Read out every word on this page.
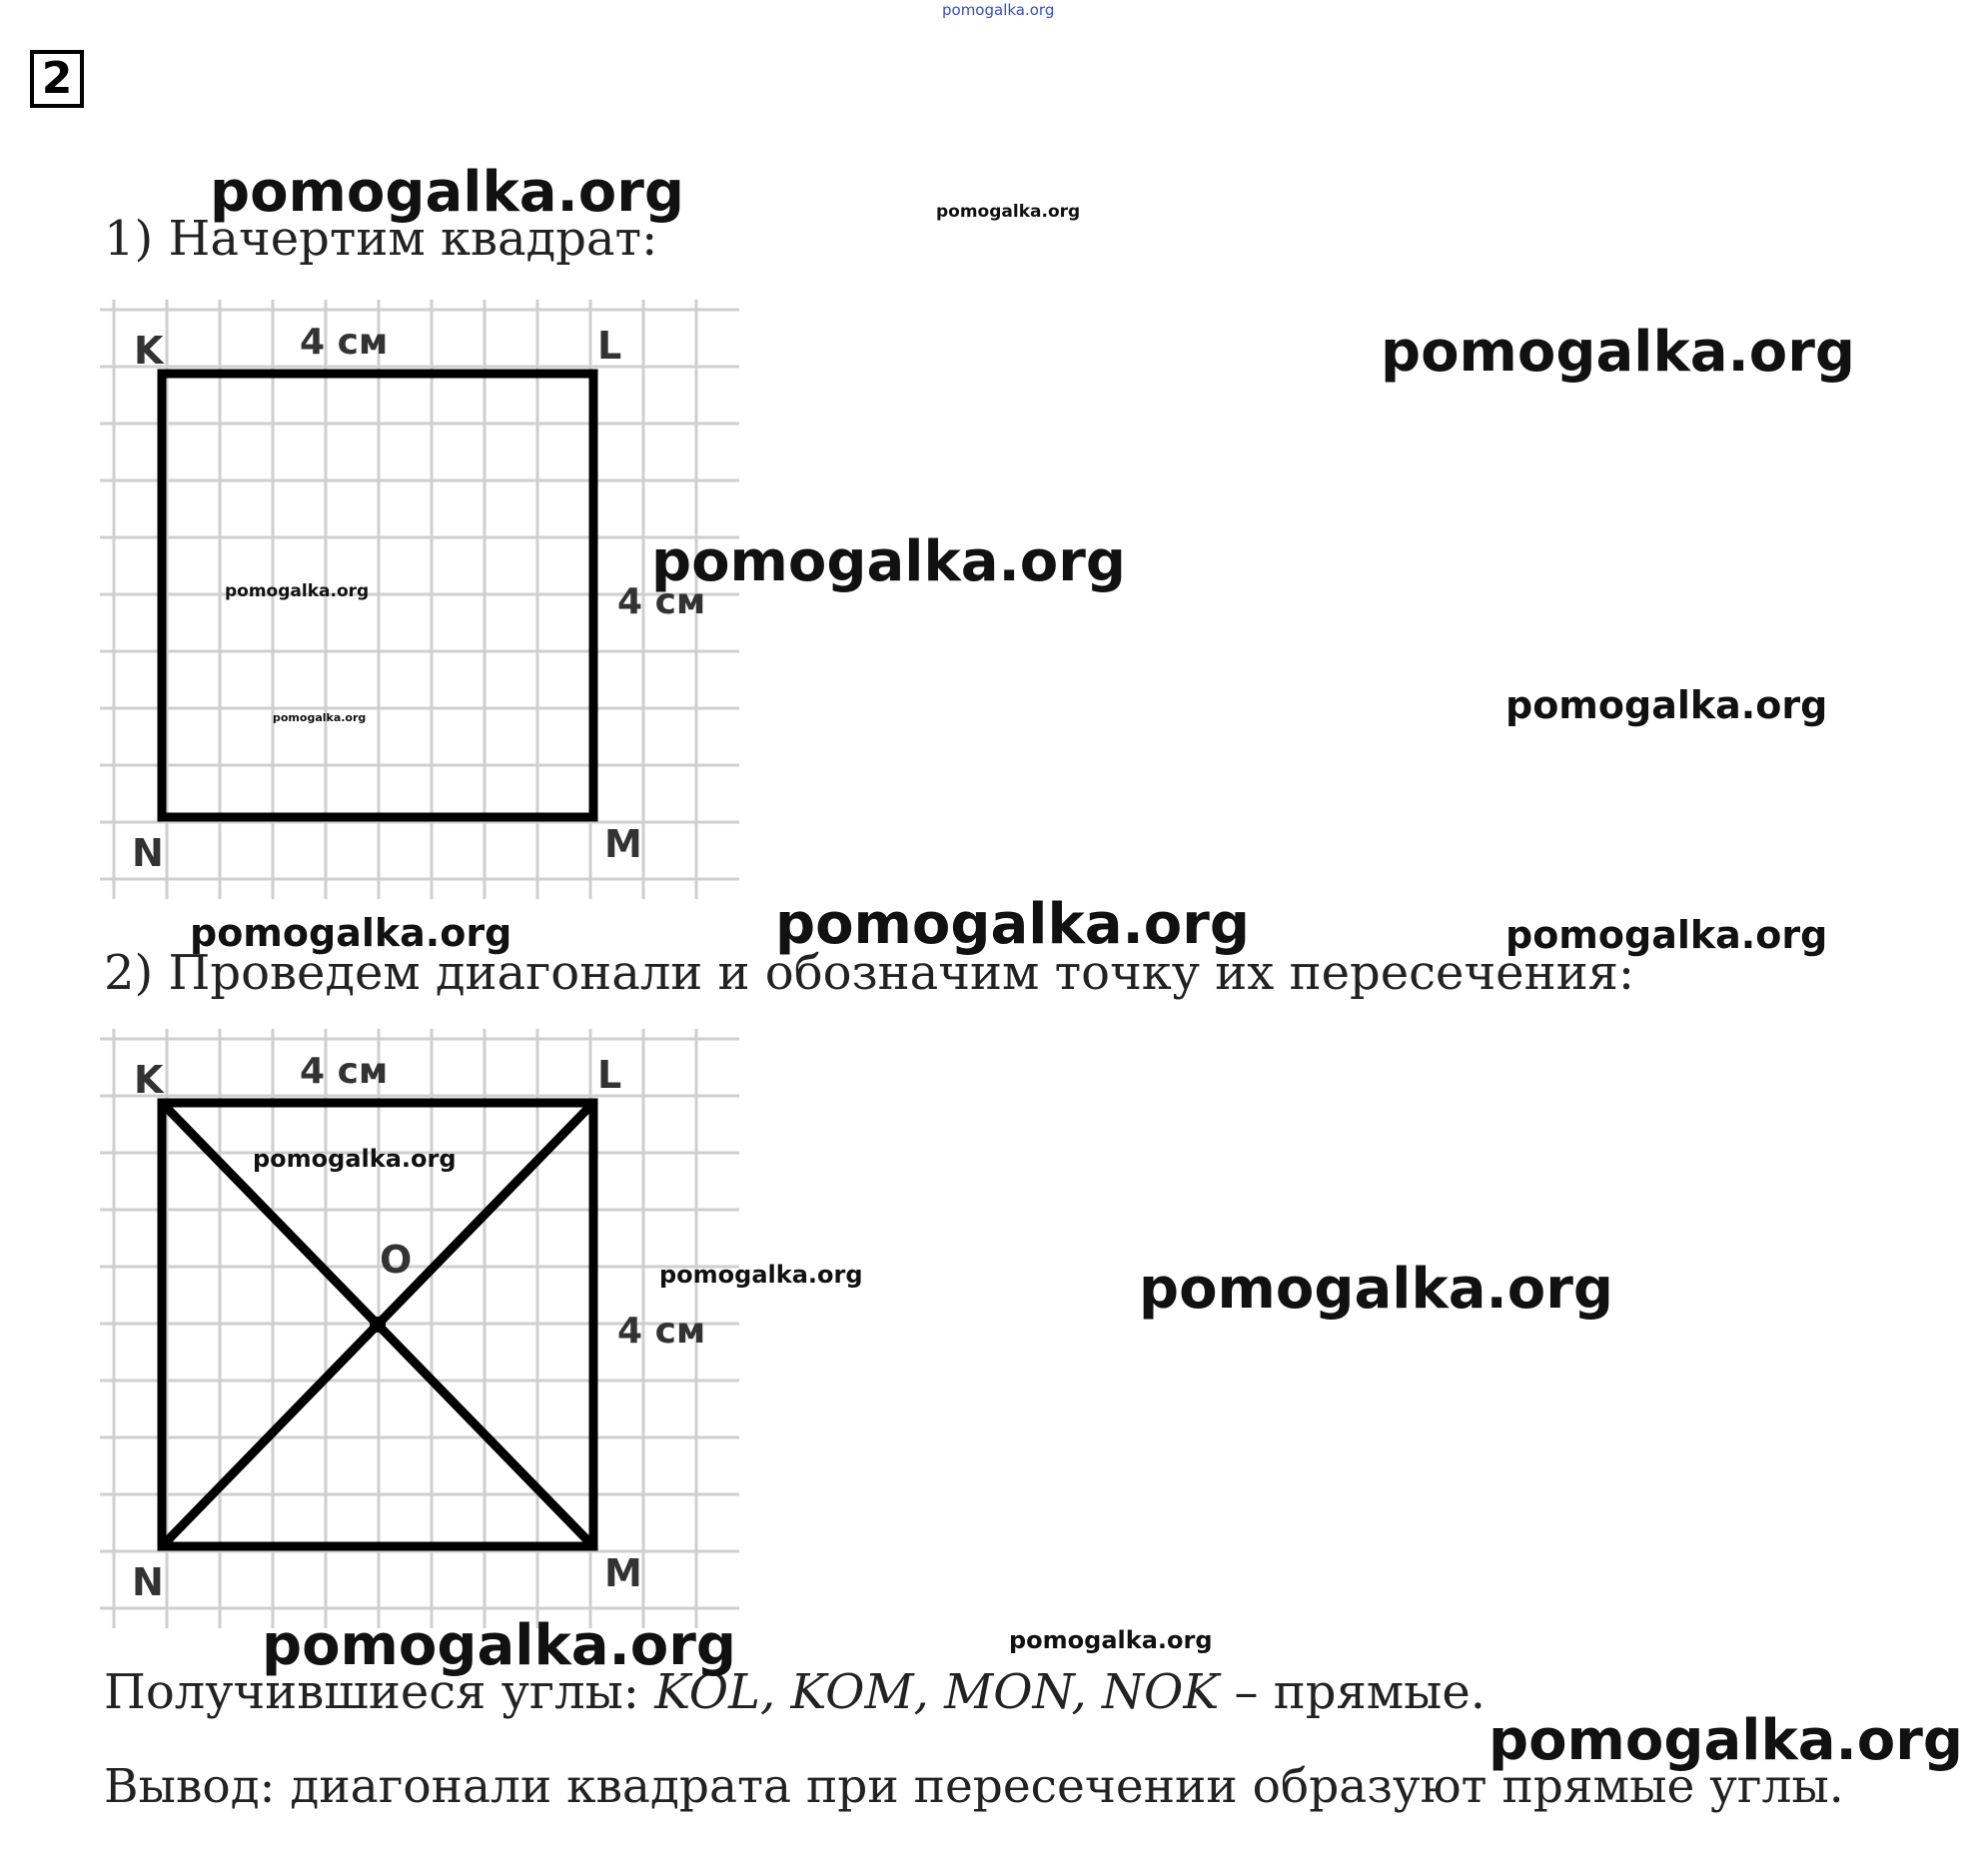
pomogalka.org
2
1) Начертим квадрат:
K	L
M
N
4 см
4 см
2) Проведем диагонали и обозначим точку их пересечения:
K	L
M
N
O
4 см
4 см
Получившиеся углы: KOL, KOM, MON, NOK – прямые.
Вывод: диагонали квадрата при пересечении образуют прямые углы.
pomogalka.org	pomogalka.org
pomogalka.org
pomogalka.org
pomogalka.org
pomogalka.org	pomogalka.org
pomogalka.org	pomogalka.org	pomogalka.org
pomogalka.org
pomogalka.org	pomogalka.org
pomogalka.org	pomogalka.org
pomogalka.org
